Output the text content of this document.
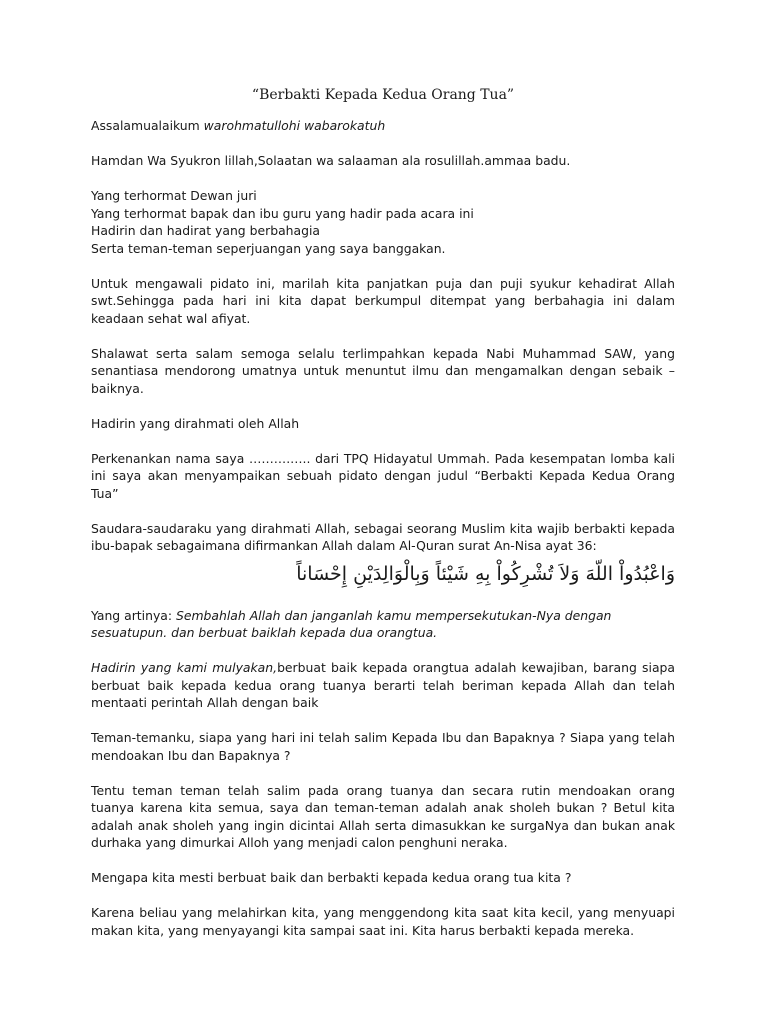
“Berbakti Kepada Kedua Orang Tua”

Assalamualaikum warohmatullohi wabarokatuh

Hamdan Wa Syukron lillah,Solaatan wa salaaman ala rosulillah.ammaa badu.

Yang terhormat Dewan juri
Yang terhormat bapak dan ibu guru yang hadir pada acara ini
Hadirin dan hadirat yang berbahagia
Serta teman-teman seperjuangan yang saya banggakan.

Untuk mengawali pidato ini, marilah kita panjatkan puja dan puji syukur kehadirat Allah swt.Sehingga pada hari ini kita dapat berkumpul ditempat yang berbahagia ini dalam keadaan sehat wal afiyat.

Shalawat serta salam semoga selalu terlimpahkan kepada Nabi Muhammad SAW, yang senantiasa mendorong umatnya untuk menuntut ilmu dan mengamalkan dengan sebaik – baiknya.

Hadirin yang dirahmati oleh Allah

Perkenankan nama saya ……….….. dari TPQ Hidayatul Ummah. Pada kesempatan lomba kali ini saya akan menyampaikan sebuah pidato dengan judul “Berbakti Kepada Kedua Orang Tua”

Saudara-saudaraku yang dirahmati Allah, sebagai seorang Muslim kita wajib berbakti kepada ibu-bapak sebagaimana difirmankan Allah dalam Al-Quran surat An-Nisa ayat 36:

وَاعْبُدُواْ اللّهَ وَلاَ تُشْرِكُواْ بِهِ شَيْئاً وَبِالْوَالِدَيْنِ إِحْسَاناً

Yang artinya: Sembahlah Allah dan janganlah kamu mempersekutukan-Nya dengan sesuatupun. dan berbuat baiklah kepada dua orangtua.

Hadirin yang kami mulyakan,berbuat baik kepada orangtua adalah kewajiban, barang siapa berbuat baik kepada kedua orang tuanya berarti telah beriman kepada Allah dan telah mentaati perintah Allah dengan baik

Teman-temanku, siapa yang hari ini telah salim Kepada Ibu dan Bapaknya ? Siapa yang telah mendoakan Ibu dan Bapaknya ?

Tentu teman teman telah salim pada orang tuanya dan secara rutin mendoakan orang tuanya karena kita semua, saya dan teman-teman adalah anak sholeh bukan ? Betul kita adalah anak sholeh yang ingin dicintai Allah serta dimasukkan ke surgaNya dan bukan anak durhaka yang dimurkai Alloh yang menjadi calon penghuni neraka.

Mengapa kita mesti berbuat baik dan berbakti kepada kedua orang tua kita ?

Karena beliau yang melahirkan kita, yang menggendong kita saat kita kecil, yang menyuapi makan kita, yang menyayangi kita sampai saat ini. Kita harus berbakti kepada mereka.
